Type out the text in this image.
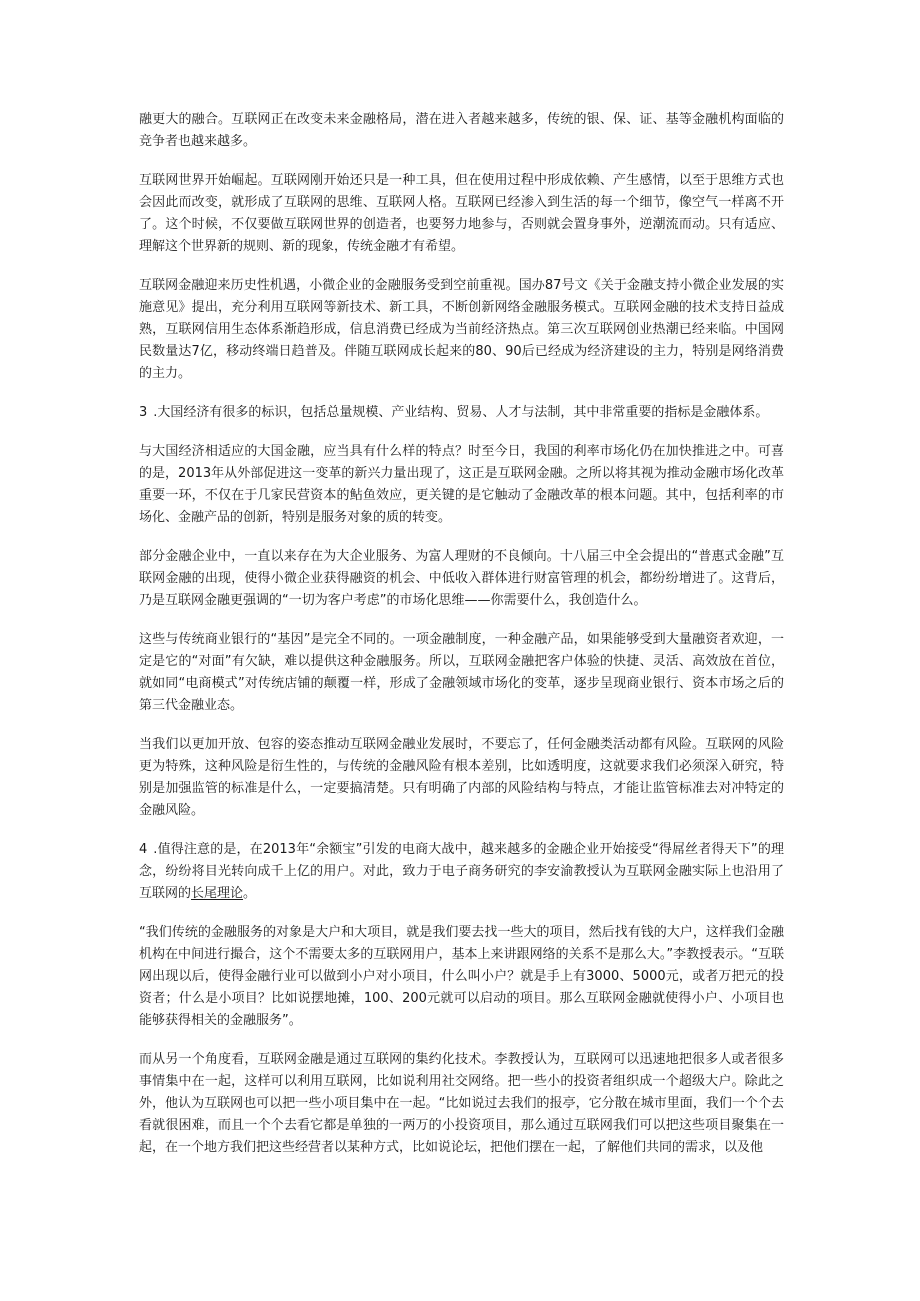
融更大的融合。互联网正在改变未来金融格局，潜在进入者越来越多，传统的银、保、证、基等金融机构面临的竞争者也越来越多。

互联网世界开始崛起。互联网刚开始还只是一种工具，但在使用过程中形成依赖、产生感情，以至于思维方式也会因此而改变，就形成了互联网的思维、互联网人格。互联网已经渗入到生活的每一个细节，像空气一样离不开了。这个时候，不仅要做互联网世界的创造者，也要努力地参与，否则就会置身事外，逆潮流而动。只有适应、理解这个世界新的规则、新的现象，传统金融才有希望。

互联网金融迎来历史性机遇，小微企业的金融服务受到空前重视。国办87号文《关于金融支持小微企业发展的实施意见》提出，充分利用互联网等新技术、新工具，不断创新网络金融服务模式。互联网金融的技术支持日益成熟，互联网信用生态体系渐趋形成，信息消费已经成为当前经济热点。第三次互联网创业热潮已经来临。中国网民数量达7亿，移动终端日趋普及。伴随互联网成长起来的80、90后已经成为经济建设的主力，特别是网络消费的主力。

3 .大国经济有很多的标识，包括总量规模、产业结构、贸易、人才与法制，其中非常重要的指标是金融体系。

与大国经济相适应的大国金融，应当具有什么样的特点？时至今日，我国的利率市场化仍在加快推进之中。可喜的是，2013年从外部促进这一变革的新兴力量出现了，这正是互联网金融。之所以将其视为推动金融市场化改革重要一环，不仅在于几家民营资本的鲇鱼效应，更关键的是它触动了金融改革的根本问题。其中，包括利率的市场化、金融产品的创新，特别是服务对象的质的转变。

部分金融企业中，一直以来存在为大企业服务、为富人理财的不良倾向。十八届三中全会提出的“普惠式金融”互联网金融的出现，使得小微企业获得融资的机会、中低收入群体进行财富管理的机会，都纷纷增进了。这背后，乃是互联网金融更强调的“一切为客户考虑”的市场化思维——你需要什么，我创造什么。

这些与传统商业银行的“基因”是完全不同的。一项金融制度，一种金融产品，如果能够受到大量融资者欢迎，一定是它的“对面”有欠缺，难以提供这种金融服务。所以，互联网金融把客户体验的快捷、灵活、高效放在首位，就如同“电商模式”对传统店铺的颠覆一样，形成了金融领域市场化的变革，逐步呈现商业银行、资本市场之后的第三代金融业态。

当我们以更加开放、包容的姿态推动互联网金融业发展时，不要忘了，任何金融类活动都有风险。互联网的风险更为特殊，这种风险是衍生性的，与传统的金融风险有根本差别，比如透明度，这就要求我们必须深入研究，特别是加强监管的标准是什么，一定要搞清楚。只有明确了内部的风险结构与特点，才能让监管标准去对冲特定的金融风险。

4 .值得注意的是，在2013年“余额宝”引发的电商大战中，越来越多的金融企业开始接受“得屌丝者得天下”的理念，纷纷将目光转向成千上亿的用户。对此，致力于电子商务研究的李安渝教授认为互联网金融实际上也沿用了互联网的长尾理论。

“我们传统的金融服务的对象是大户和大项目，就是我们要去找一些大的项目，然后找有钱的大户，这样我们金融机构在中间进行撮合，这个不需要太多的互联网用户，基本上来讲跟网络的关系不是那么大。”李教授表示。“互联网出现以后，使得金融行业可以做到小户对小项目，什么叫小户？就是手上有3000、5000元，或者万把元的投资者；什么是小项目？比如说摆地摊，100、200元就可以启动的项目。那么互联网金融就使得小户、小项目也能够获得相关的金融服务”。

而从另一个角度看，互联网金融是通过互联网的集约化技术。李教授认为，互联网可以迅速地把很多人或者很多事情集中在一起，这样可以利用互联网，比如说利用社交网络。把一些小的投资者组织成一个超级大户。除此之外，他认为互联网也可以把一些小项目集中在一起。“比如说过去我们的报亭，它分散在城市里面，我们一个个去看就很困难，而且一个个去看它都是单独的一两万的小投资项目，那么通过互联网我们可以把这些项目聚集在一起，在一个地方我们把这些经营者以某种方式，比如说论坛，把他们摆在一起，了解他们共同的需求，以及他
